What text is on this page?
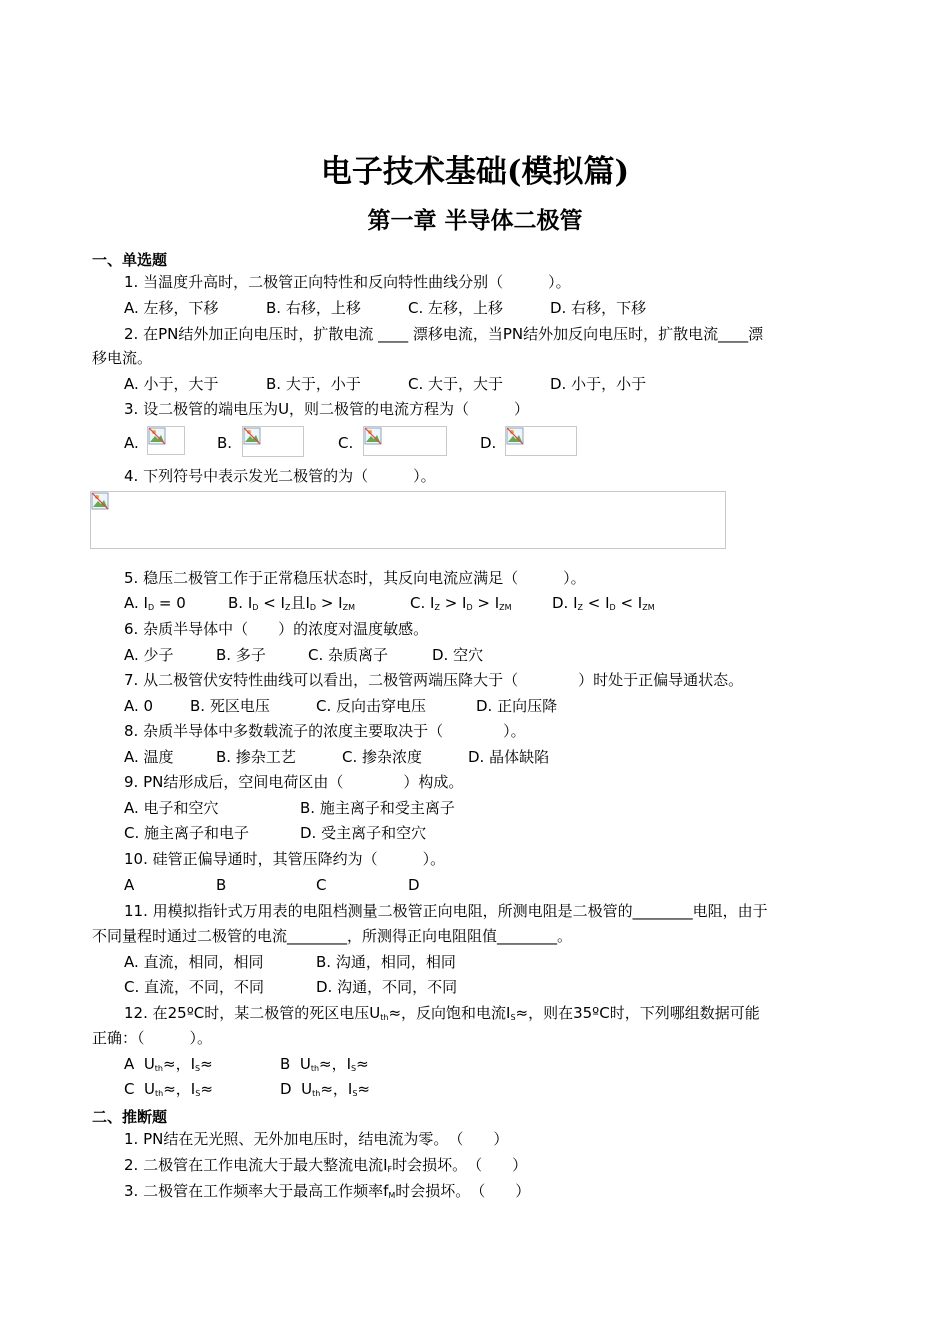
电子技术基础(模拟篇)
第一章 半导体二极管
一、单选题
1. 当温度升高时，二极管正向特性和反向特性曲线分别（　　　）。
A. 左移，下移	B. 右移，上移	C. 左移，上移	D. 右移，下移
2. 在PN结外加正向电压时，扩散电流 ____ 漂移电流，当PN结外加反向电压时，扩散电流____漂
移电流。
A. 小于，大于	B. 大于，小于	C. 大于，大于	D. 小于，小于
3. 设二极管的端电压为U，则二极管的电流方程为（　　　）
A.	B.	C.	D.
4. 下列符号中表示发光二极管的为（　　　）。
5. 稳压二极管工作于正常稳压状态时，其反向电流应满足（　　　）。
A. $I_D = 0$	B. $I_D < I_Z$且$I_D > I_{ZM}$	C. $I_Z > I_D > I_{ZM}$	D. $I_Z < I_D < I_{ZM}$
6. 杂质半导体中（　　）的浓度对温度敏感。
A. 少子	B. 多子	C. 杂质离子	D. 空穴
7. 从二极管伏安特性曲线可以看出，二极管两端压降大于（　　　　）时处于正偏导通状态。
A. 0 B. 死区电压	C. 反向击穿电压	D. 正向压降
8. 杂质半导体中多数载流子的浓度主要取决于（　　　　）。
A. 温度	B. 掺杂工艺	C. 掺杂浓度	D. 晶体缺陷
9. PN结形成后，空间电荷区由（　　　　）构成。
A. 电子和空穴	B. 施主离子和受主离子
C. 施主离子和电子	D. 受主离子和空穴
10. 硅管正偏导通时，其管压降约为（　　　）。
A	B	C	D
11. 用模拟指针式万用表的电阻档测量二极管正向电阻，所测电阻是二极管的________电阻，由于
不同量程时通过二极管的电流________，所测得正向电阻阻值________。
A. 直流，相同，相同	B. 沟通，相同，相同
C. 直流，不同，不同	D. 沟通，不同，不同
12. 在25ºC时，某二极管的死区电压$U_{th}\approx$，反向饱和电流$I_S\approx$，则在35ºC时，下列哪组数据可能
正确：（　　　）。
A $U_{th}\approx$，$I_S\approx$	B $U_{th}\approx$，$I_S\approx$
C $U_{th}\approx$，$I_S\approx$	D $U_{th}\approx$，$I_S\approx$
二、推断题
1. PN结在无光照、无外加电压时，结电流为零。　（　　）
2. 二极管在工作电流大于最大整流电流$I_F$时会损坏。　（　　）
3. 二极管在工作频率大于最高工作频率$f_M$时会损坏。　（　　）
